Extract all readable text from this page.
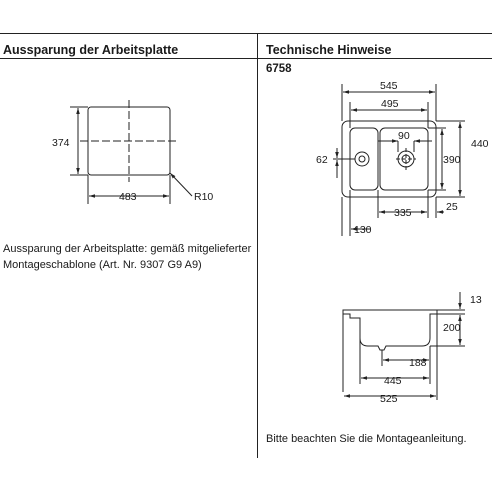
Aussparung der Arbeitsplatte	Technische Hinweise
6758
Aussparung der Arbeitsplatte: gemäß mitgelieferter
Montageschablone (Art. Nr. 9307 G9 A9)
Bitte beachten Sie die Montageanleitung.
374
483	R10
545
495
90
62
440
390
335	25
130
13
200
188
445
525
